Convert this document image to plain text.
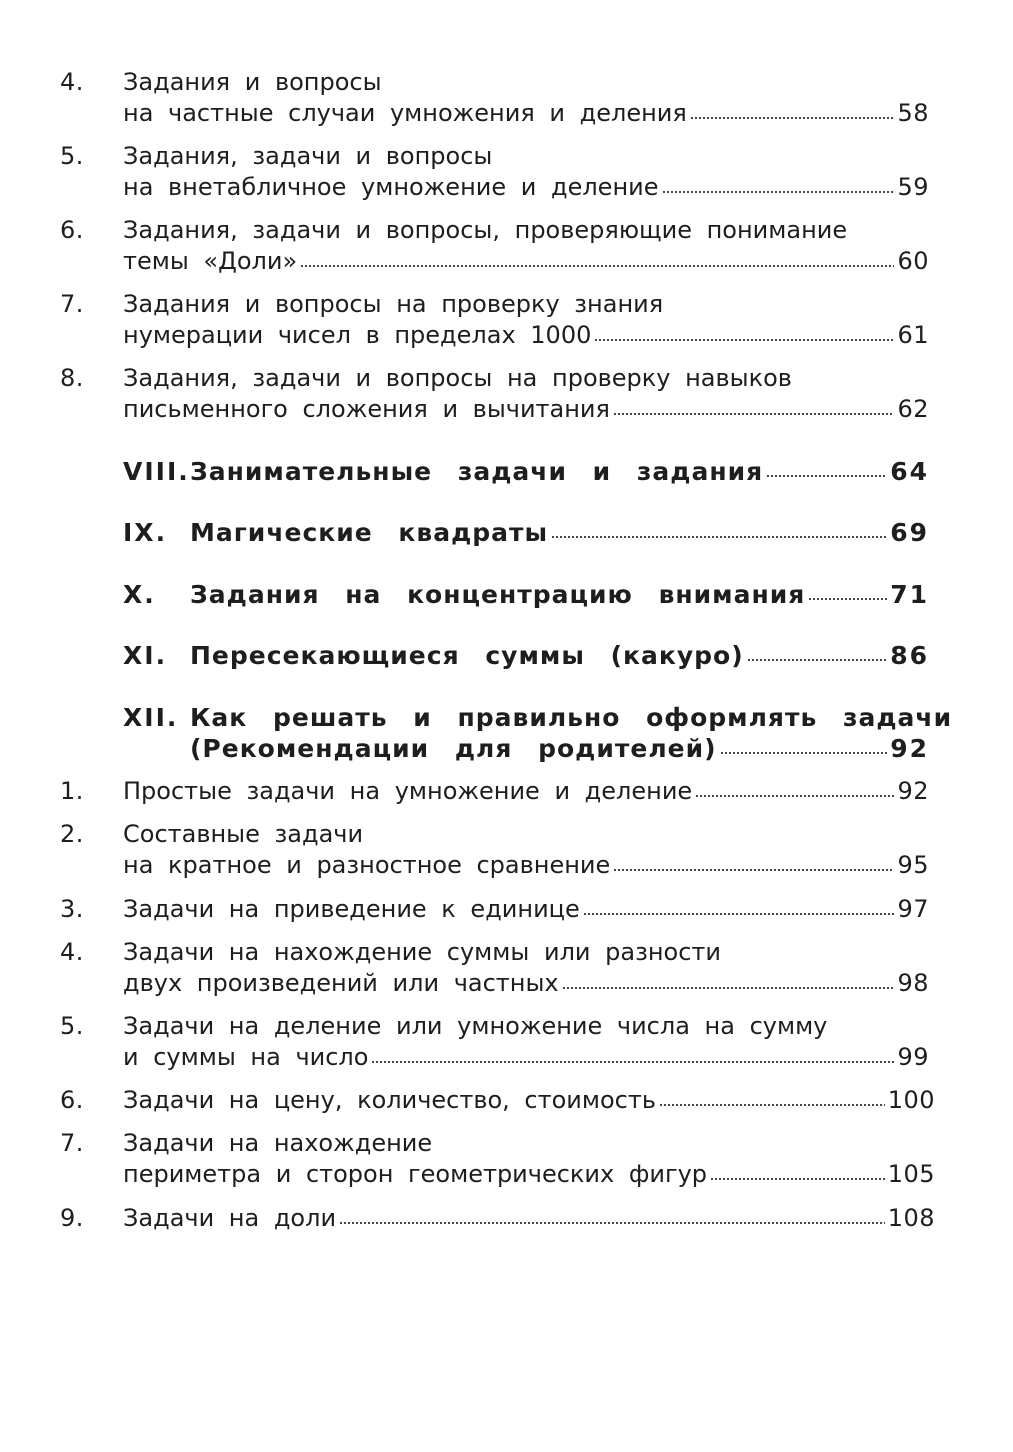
4. Задания и вопросы
на частные случаи умножения и деления	58
5. Задания, задачи и вопросы
на внетабличное умножение и деление	59
6. Задания, задачи и вопросы, проверяющие понимание
темы «Доли»	60
7. Задания и вопросы на проверку знания
нумерации чисел в пределах 1000	61
8. Задания, задачи и вопросы на проверку навыков
письменного сложения и вычитания	62
VIII. Занимательные задачи и задания	64
IX. Магические квадраты	69
X. Задания на концентрацию внимания	71
XI. Пересекающиеся суммы (какуро)	86
XII. Как решать и правильно оформлять задачи
(Рекомендации для родителей)	92
1. Простые задачи на умножение и деление	92
2. Составные задачи
на кратное и разностное сравнение	95
3. Задачи на приведение к единице	97
4. Задачи на нахождение суммы или разности
двух произведений или частных	98
5. Задачи на деление или умножение числа на сумму
и суммы на число	99
6. Задачи на цену, количество, стоимость	100
7. Задачи на нахождение
периметра и сторон геометрических фигур	105
9. Задачи на доли	108
